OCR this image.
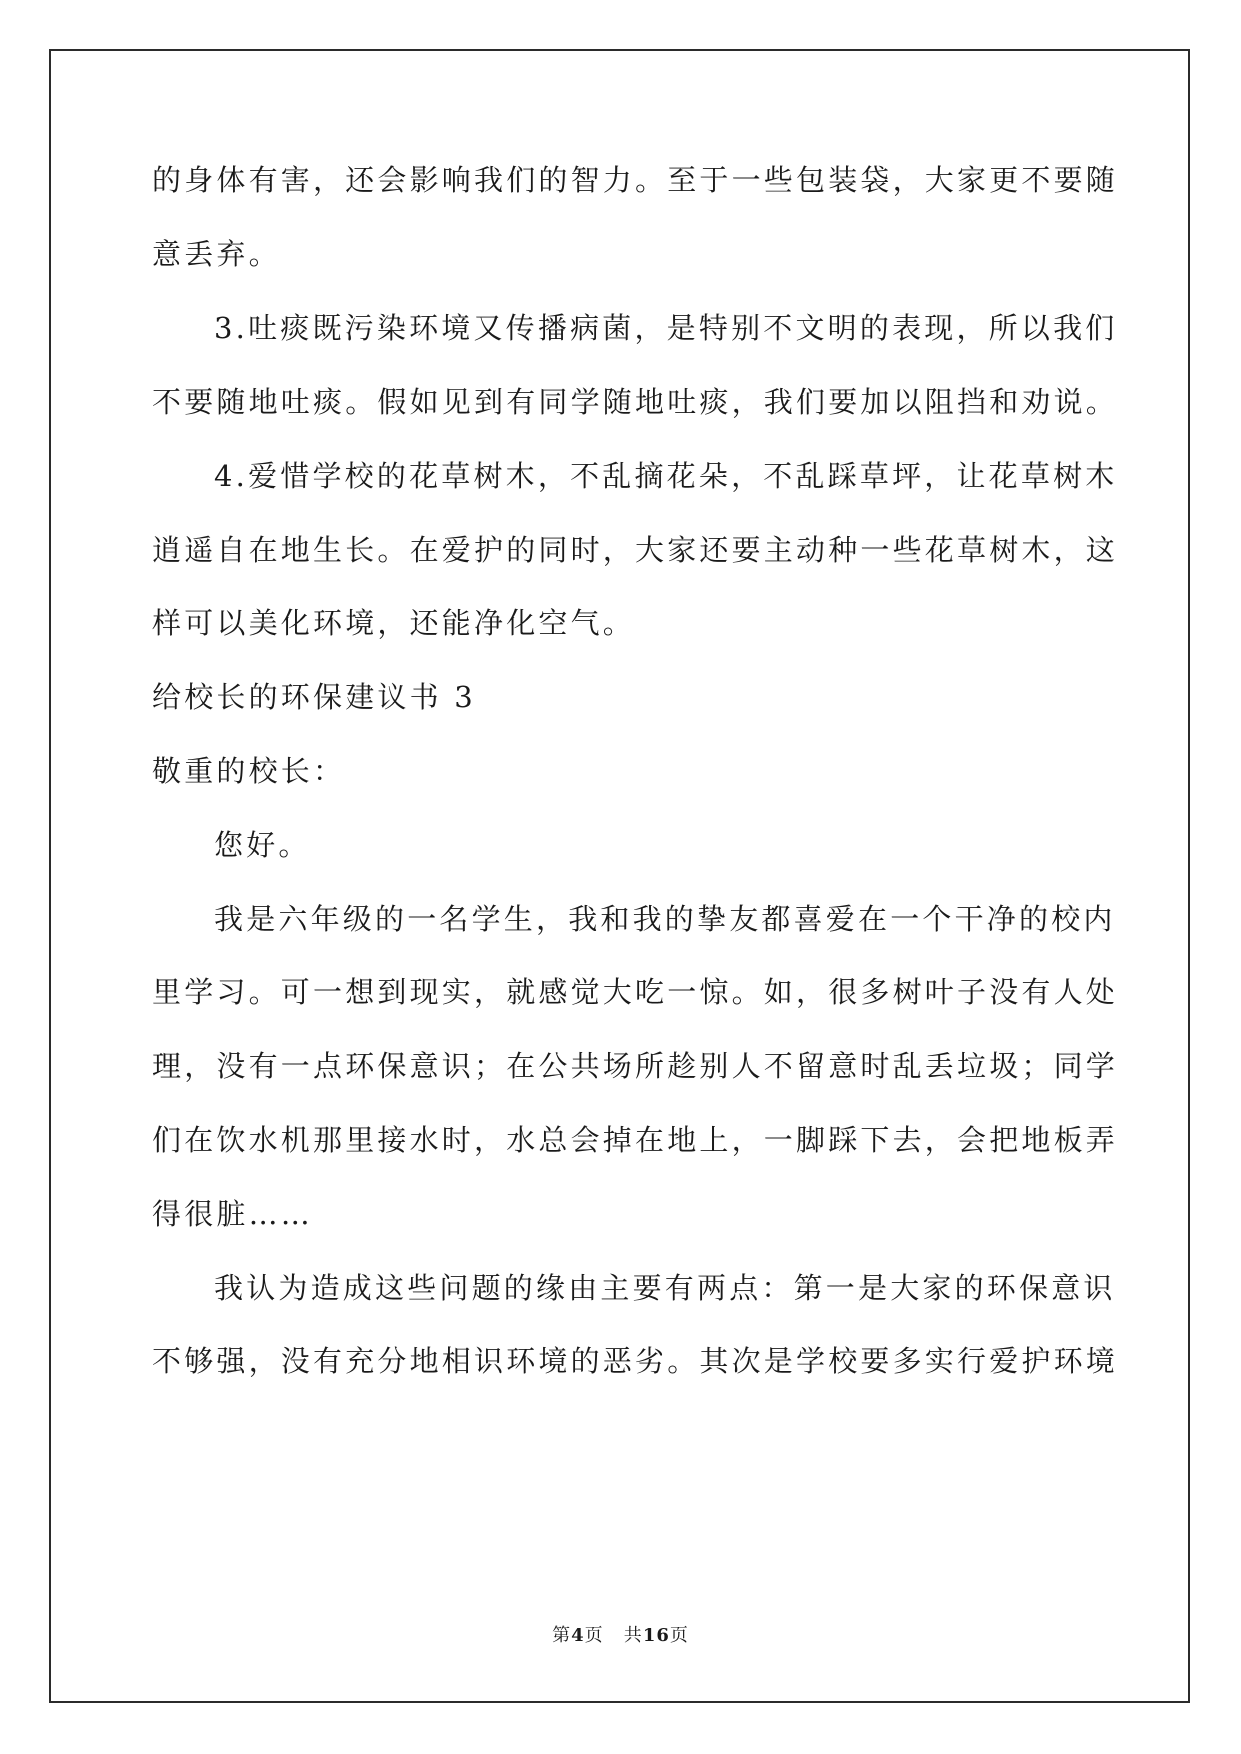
的身体有害，还会影响我们的智力。至于一些包装袋，大家更不要随
意丢弃。
3.吐痰既污染环境又传播病菌，是特别不文明的表现，所以我们
不要随地吐痰。假如见到有同学随地吐痰，我们要加以阻挡和劝说。
4.爱惜学校的花草树木，不乱摘花朵，不乱踩草坪，让花草树木
逍遥自在地生长。在爱护的同时，大家还要主动种一些花草树木，这
样可以美化环境，还能净化空气。
给校长的环保建议书 3
敬重的校长：
您好。
我是六年级的一名学生，我和我的挚友都喜爱在一个干净的校内
里学习。可一想到现实，就感觉大吃一惊。如，很多树叶子没有人处
理，没有一点环保意识；在公共场所趁别人不留意时乱丢垃圾；同学
们在饮水机那里接水时，水总会掉在地上，一脚踩下去，会把地板弄
得很脏……
我认为造成这些问题的缘由主要有两点：第一是大家的环保意识
不够强，没有充分地相识环境的恶劣。其次是学校要多实行爱护环境
第4页   共16页
